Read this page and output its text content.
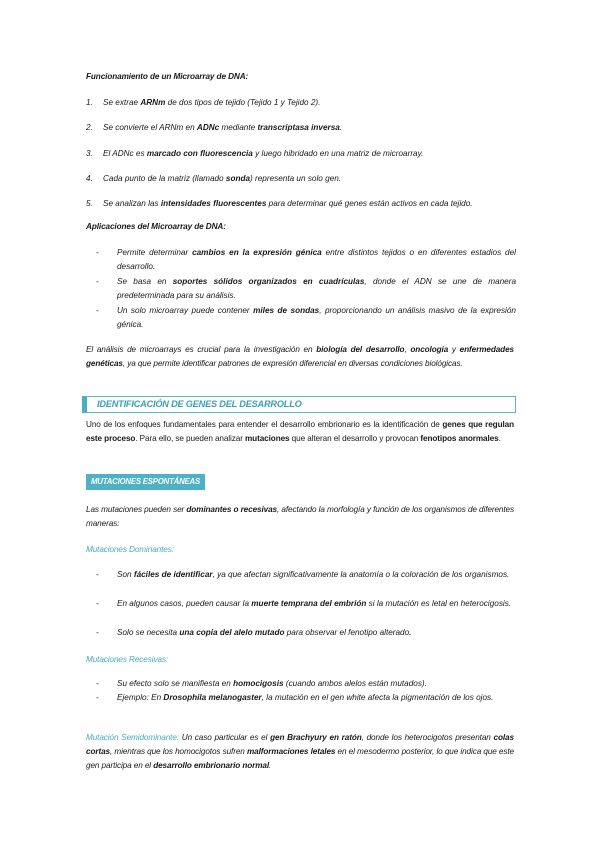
Funcionamiento de un Microarray de DNA:
1. Se extrae ARNm de dos tipos de tejido (Tejido 1 y Tejido 2).
2. Se convierte el ARNm en ADNc mediante transcriptasa inversa.
3. El ADNc es marcado con fluorescencia y luego hibridado en una matriz de microarray.
4. Cada punto de la matriz (llamado sonda) representa un solo gen.
5. Se analizan las intensidades fluorescentes para determinar qué genes están activos en cada tejido.
Aplicaciones del Microarray de DNA:
- Permite determinar cambios en la expresión génica entre distintos tejidos o en diferentes estadios del desarrollo.
- Se basa en soportes sólidos organizados en cuadrículas, donde el ADN se une de manera predeterminada para su análisis.
- Un solo microarray puede contener miles de sondas, proporcionando un análisis masivo de la expresión génica.
El análisis de microarrays es crucial para la investigación en biología del desarrollo, oncología y enfermedades genéticas, ya que permite identificar patrones de expresión diferencial en diversas condiciones biológicas.
IDENTIFICACIÓN DE GENES DEL DESARROLLO
Uno de los enfoques fundamentales para entender el desarrollo embrionario es la identificación de genes que regulan este proceso. Para ello, se pueden analizar mutaciones que alteran el desarrollo y provocan fenotipos anormales.
MUTACIONES ESPONTÁNEAS
Las mutaciones pueden ser dominantes o recesivas, afectando la morfología y función de los organismos de diferentes maneras:
Mutaciones Dominantes:
- Son fáciles de identificar, ya que afectan significativamente la anatomía o la coloración de los organismos.
- En algunos casos, pueden causar la muerte temprana del embrión si la mutación es letal en heterocigosis.
- Solo se necesita una copia del alelo mutado para observar el fenotipo alterado.
Mutaciones Recesivas:
- Su efecto solo se manifiesta en homocigosis (cuando ambos alelos están mutados).
- Ejemplo: En Drosophila melanogaster, la mutación en el gen white afecta la pigmentación de los ojos.
Mutación Semidominante: Un caso particular es el gen Brachyury en ratón, donde los heterocigotos presentan colas cortas, mientras que los homocigotos sufren malformaciones letales en el mesodermo posterior, lo que indica que este gen participa en el desarrollo embrionario normal.
